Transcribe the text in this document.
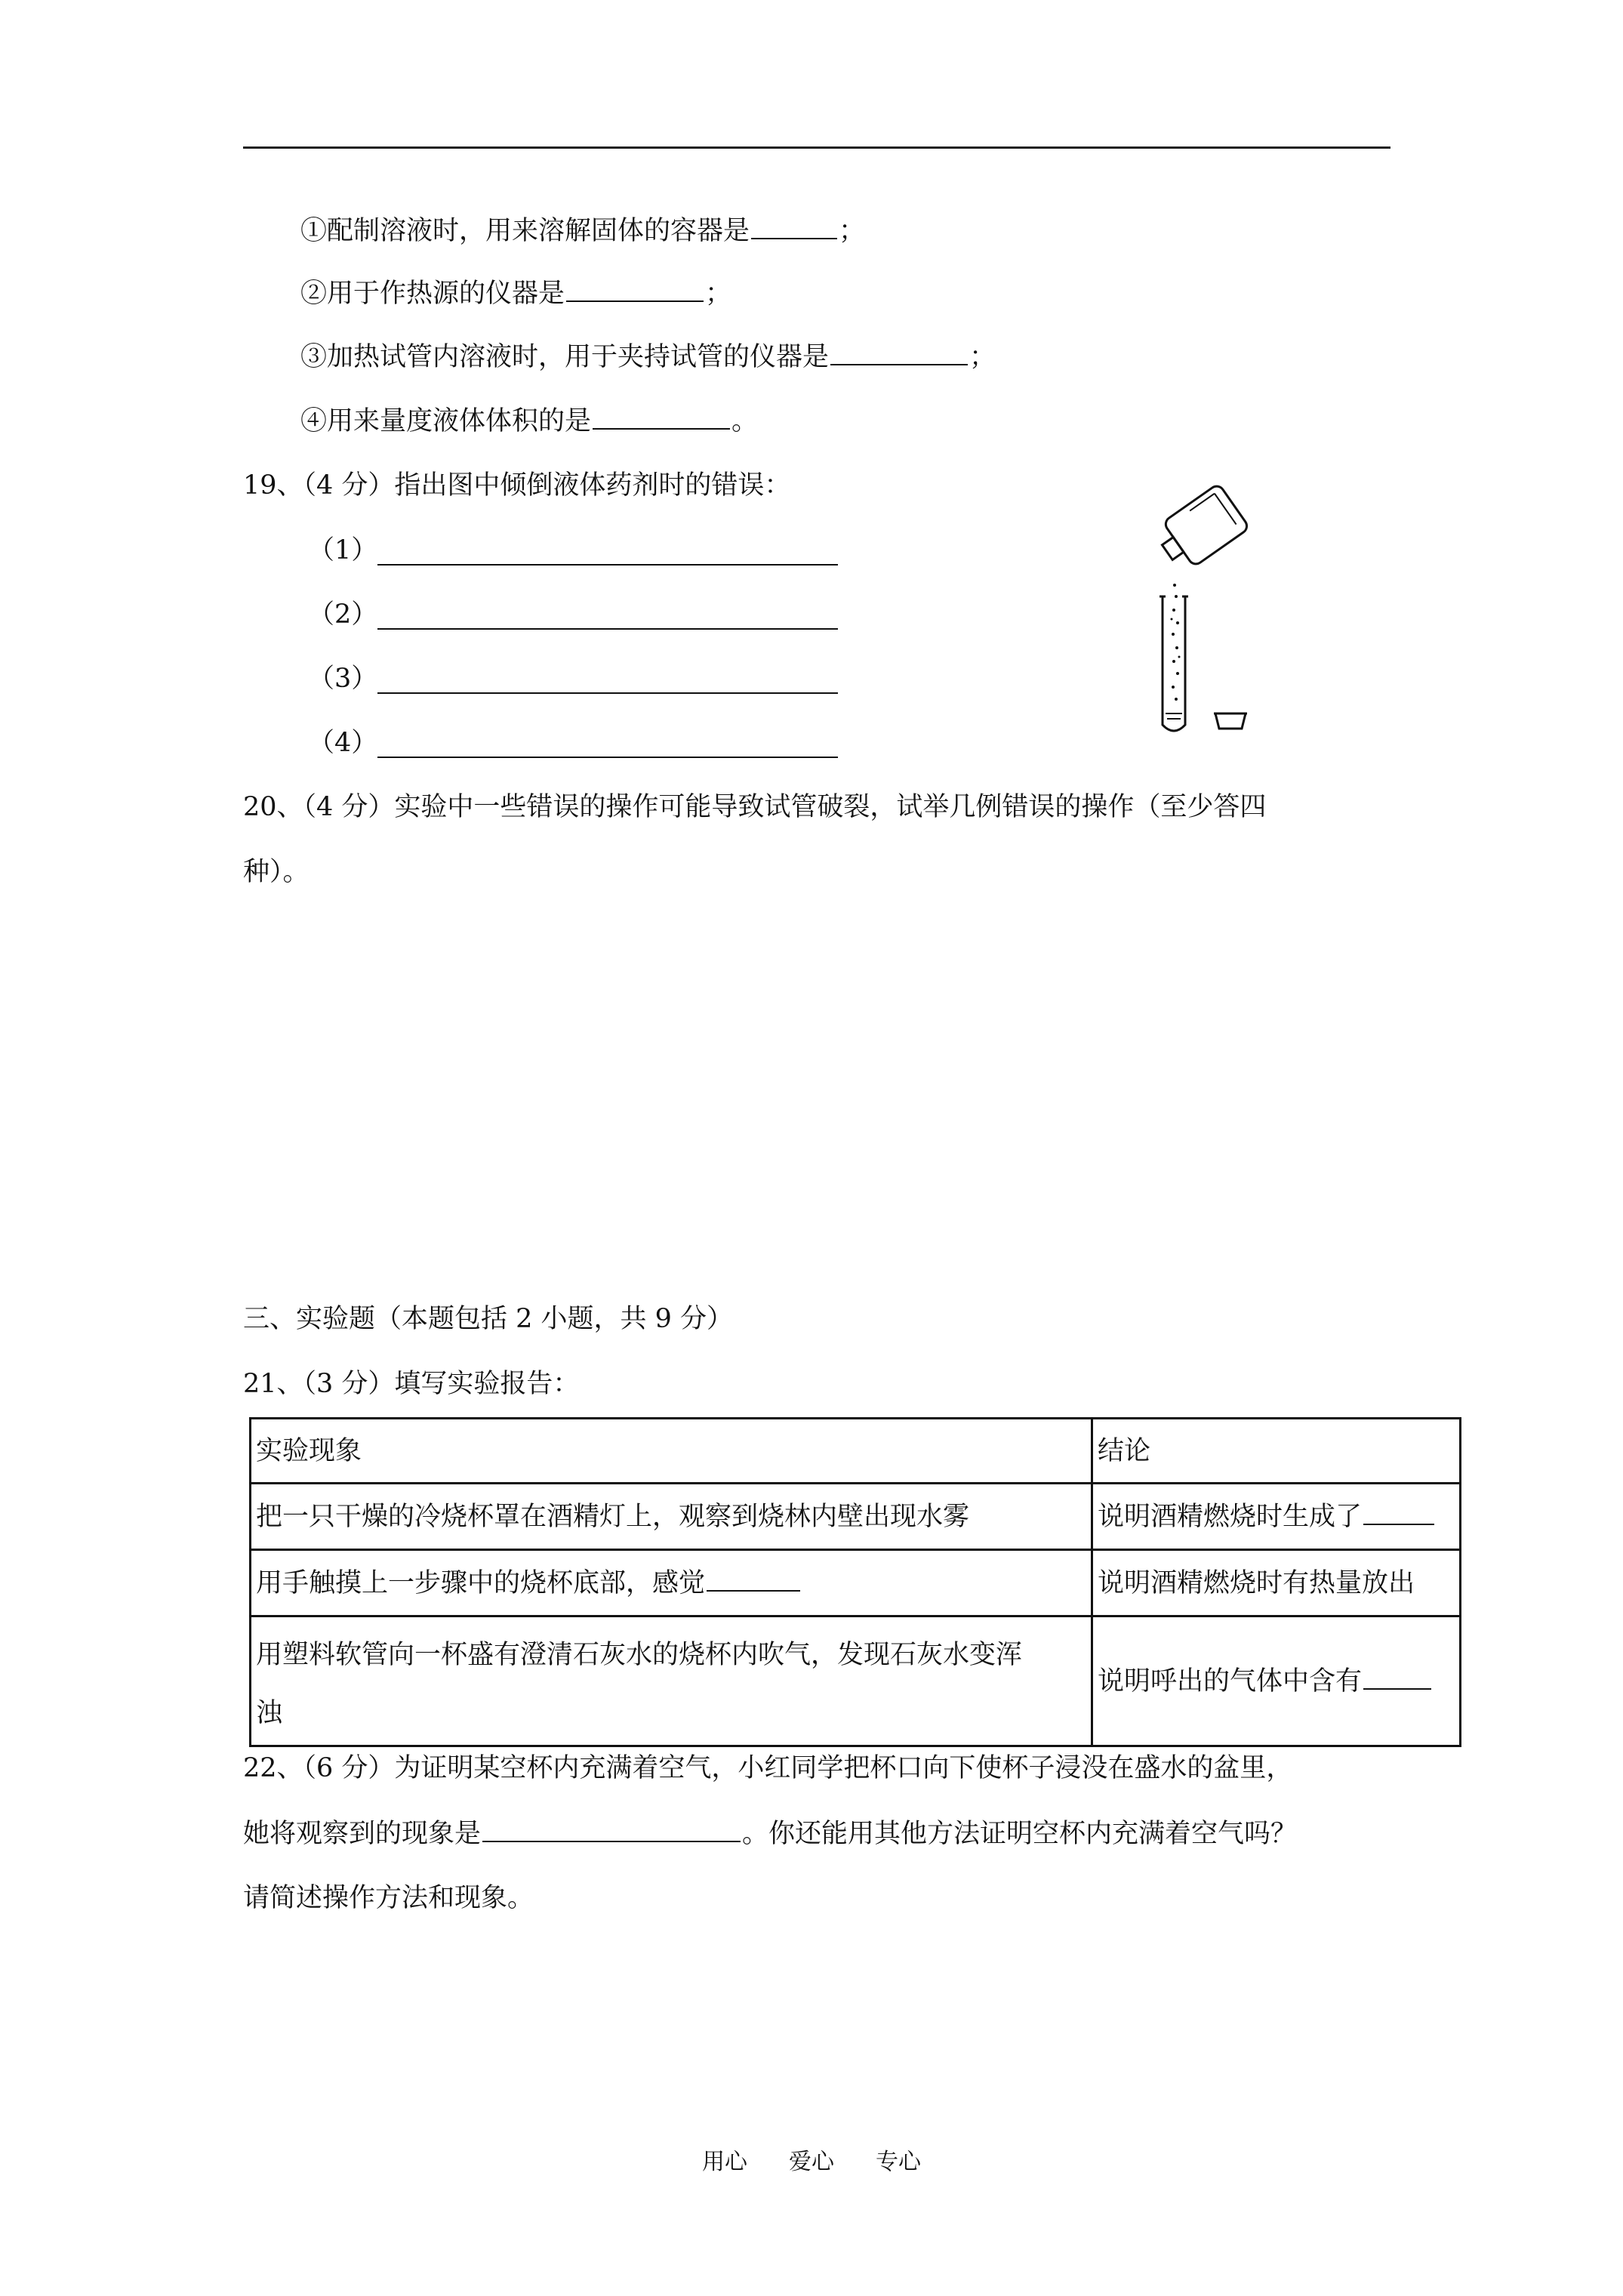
①配制溶液时，用来溶解固体的容器是	；
②用于作热源的仪器是	；
③加热试管内溶液时，用于夹持试管的仪器是	；
④用来量度液体体积的是	。
19、（4 分）指出图中倾倒液体药剂时的错误：
（1）
（2）
（3）
（4）
20、（4 分）实验中一些错误的操作可能导致试管破裂，试举几例错误的操作（至少答四
种）。
三、实验题（本题包括 2 小题，共 9 分）
21、（3 分）填写实验报告：
实验现象	结论
把一只干燥的冷烧杯罩在酒精灯上，观察到烧林内壁出现水雾	说明酒精燃烧时生成了
用手触摸上一步骤中的烧杯底部，感觉	说明酒精燃烧时有热量放出

用塑料软管向一杯盛有澄清石灰水的烧杯内吹气，发现石灰水变浑
浊	说明呼出的气体中含有
22、（6 分）为证明某空杯内充满着空气，小红同学把杯口向下使杯子浸没在盛水的盆里，
她将观察到的现象是	。你还能用其他方法证明空杯内充满着空气吗？
请简述操作方法和现象。
用心 爱心 专心
